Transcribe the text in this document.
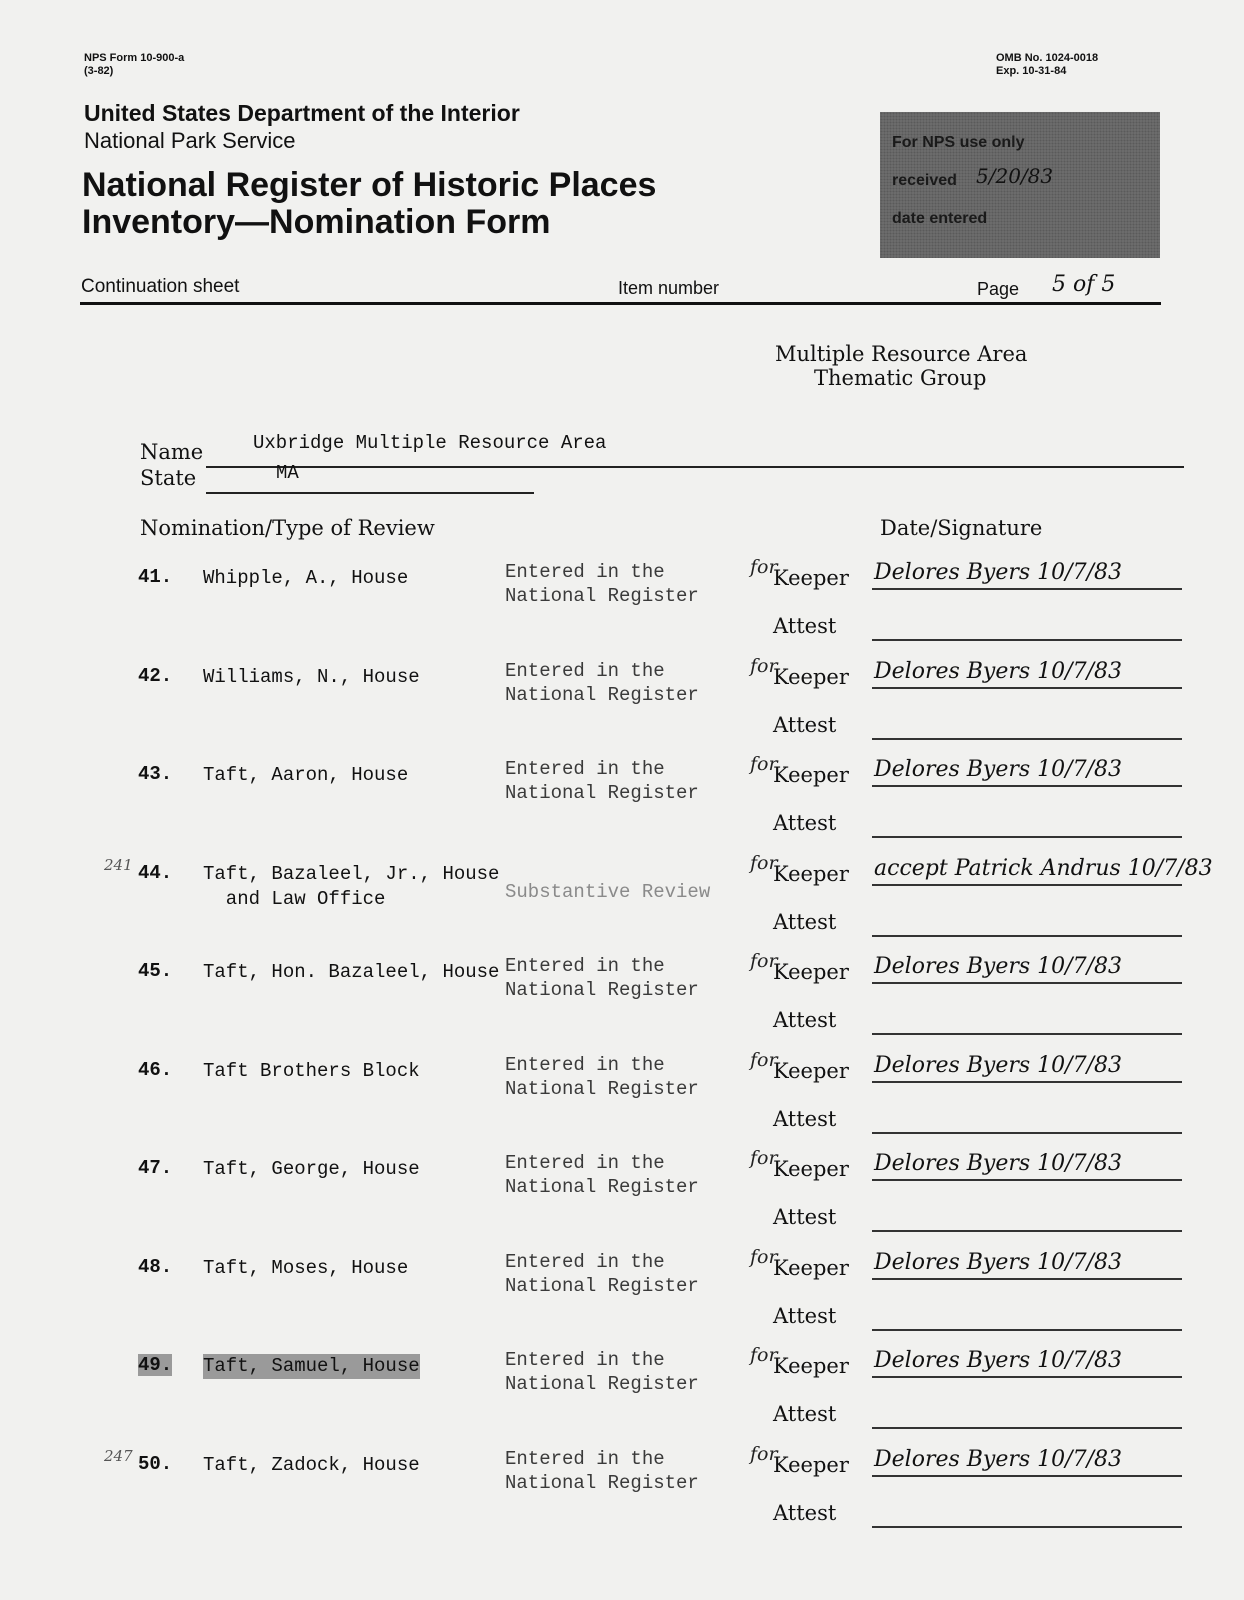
NPS Form 10-900-a
(3-82)
OMB No. 1024-0018
Exp. 10-31-84
United States Department of the Interior
National Park Service
National Register of Historic Places
Inventory—Nomination Form
For NPS use only
received 5/20/83
date entered
Continuation sheet	Item number	Page 5 of 5
Multiple Resource Area
Thematic Group
Name	Uxbridge Multiple Resource Area
State	MA
Nomination/Type of Review	Date/Signature
41. Whipple, A., House	Entered in the
National Register
for
Keeper Delores Byers 10/7/83
Attest
42. Williams, N., House	Entered in the
National Register
for
Keeper Delores Byers 10/7/83
Attest
43. Taft, Aaron, House	Entered in the
National Register
for
Keeper Delores Byers 10/7/83
Attest
241 44. Taft, Bazaleel, Jr., House
and Law Office	
Substantive Review
for
Keeper accept Patrick Andrus 10/7/83
Attest
45. Taft, Hon. Bazaleel, House Entered in the
National Register
for
Keeper Delores Byers 10/7/83
Attest
46. Taft Brothers Block	Entered in the
National Register
for
Keeper Delores Byers 10/7/83
Attest
47. Taft, George, House	Entered in the
National Register
for
Keeper Delores Byers 10/7/83
Attest
48. Taft, Moses, House	Entered in the
National Register
for
Keeper Delores Byers 10/7/83
Attest
49. Taft, Samuel, House	Entered in the
National Register
for
Keeper Delores Byers 10/7/83
Attest
247 50. Taft, Zadock, House	Entered in the
National Register
for
Keeper Delores Byers 10/7/83
Attest
